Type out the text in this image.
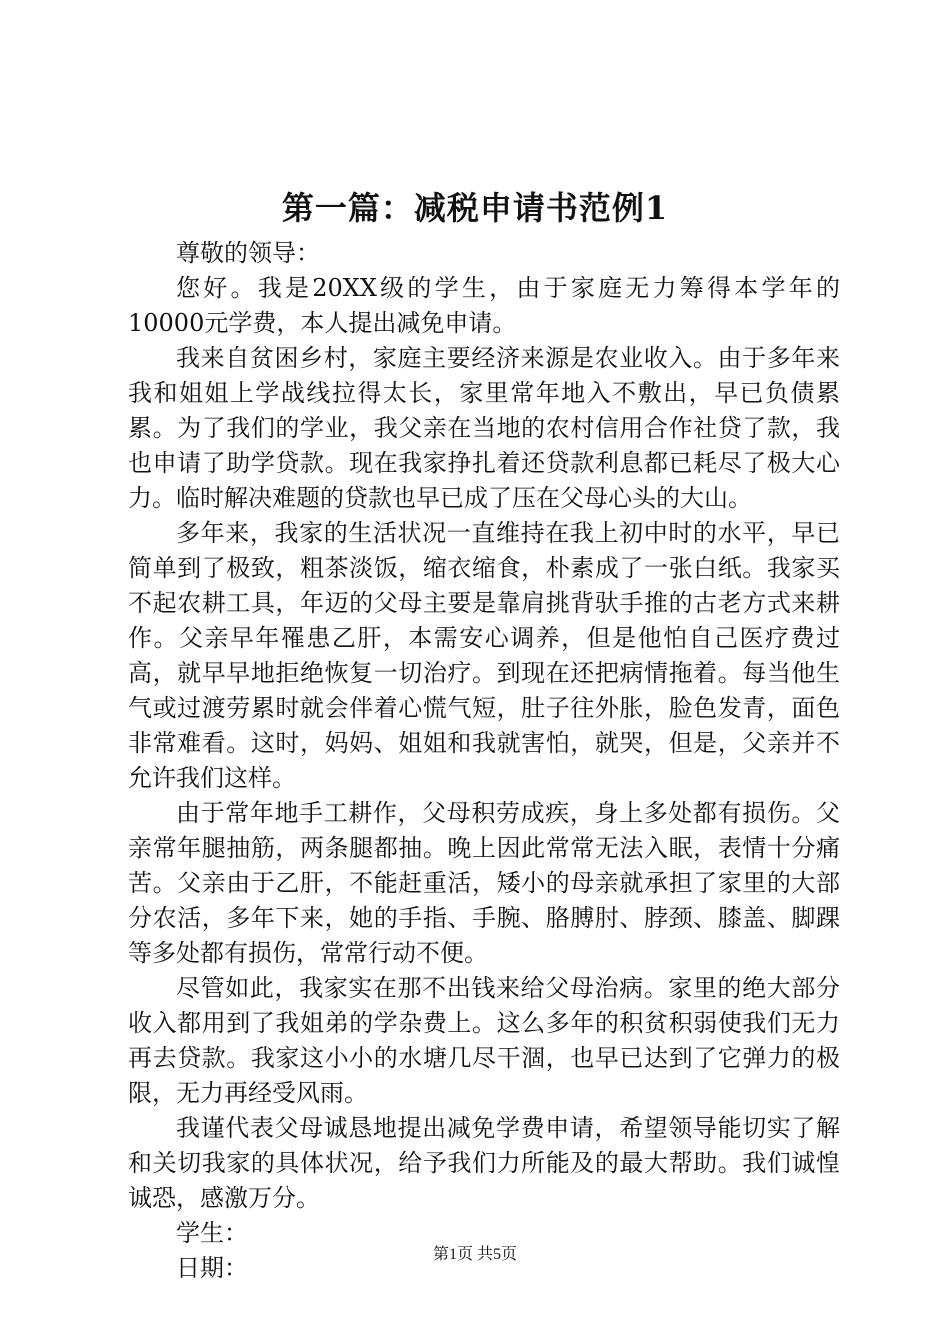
第一篇：减税申请书范例1

尊敬的领导：

您好。我是20XX级的学生，由于家庭无力筹得本学年的10000元学费，本人提出减免申请。

我来自贫困乡村，家庭主要经济来源是农业收入。由于多年来我和姐姐上学战线拉得太长，家里常年地入不敷出，早已负债累累。为了我们的学业，我父亲在当地的农村信用合作社贷了款，我也申请了助学贷款。现在我家挣扎着还贷款利息都已耗尽了极大心力。临时解决难题的贷款也早已成了压在父母心头的大山。

多年来，我家的生活状况一直维持在我上初中时的水平，早已简单到了极致，粗茶淡饭，缩衣缩食，朴素成了一张白纸。我家买不起农耕工具，年迈的父母主要是靠肩挑背驮手推的古老方式来耕作。父亲早年罹患乙肝，本需安心调养，但是他怕自己医疗费过高，就早早地拒绝恢复一切治疗。到现在还把病情拖着。每当他生气或过渡劳累时就会伴着心慌气短，肚子往外胀，脸色发青，面色非常难看。这时，妈妈、姐姐和我就害怕，就哭，但是，父亲并不允许我们这样。

由于常年地手工耕作，父母积劳成疾，身上多处都有损伤。父亲常年腿抽筋，两条腿都抽。晚上因此常常无法入眠，表情十分痛苦。父亲由于乙肝，不能赶重活，矮小的母亲就承担了家里的大部分农活，多年下来，她的手指、手腕、胳膊肘、脖颈、膝盖、脚踝等多处都有损伤，常常行动不便。

尽管如此，我家实在那不出钱来给父母治病。家里的绝大部分收入都用到了我姐弟的学杂费上。这么多年的积贫积弱使我们无力再去贷款。我家这小小的水塘几尽干涸，也早已达到了它弹力的极限，无力再经受风雨。

我谨代表父母诚恳地提出减免学费申请，希望领导能切实了解和关切我家的具体状况，给予我们力所能及的最大帮助。我们诚惶诚恐，感激万分。

学生：

日期：	第1页 共5页
